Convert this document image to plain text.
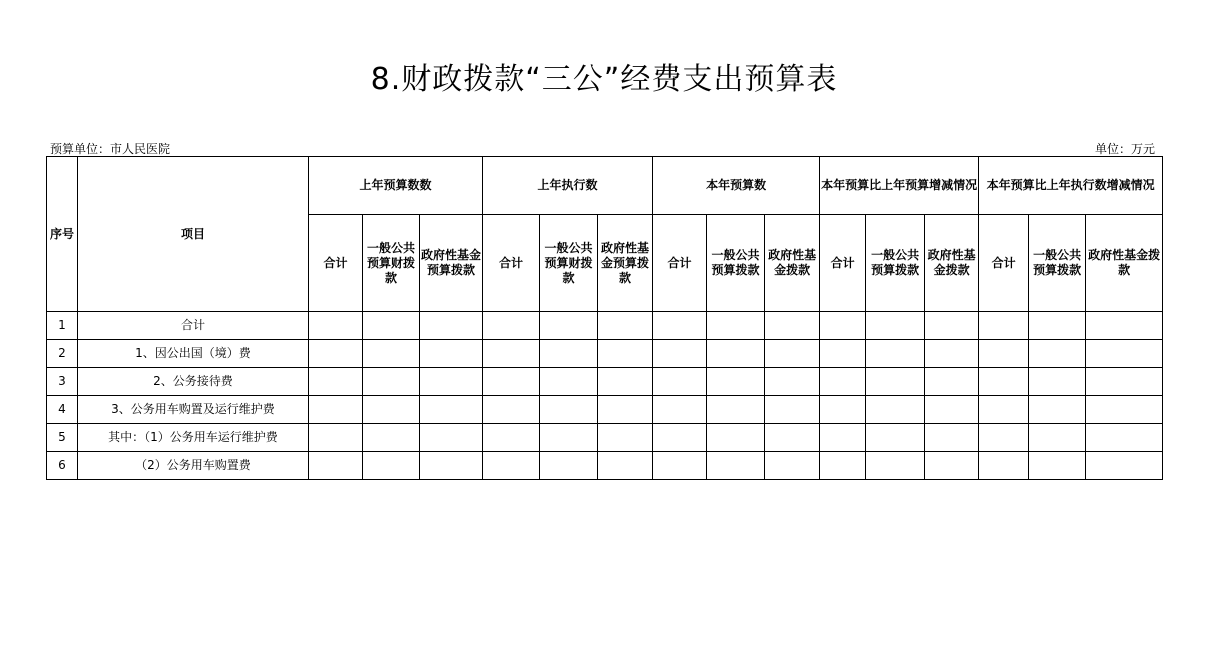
8.财政拨款“三公”经费支出预算表
预算单位：市人民医院	单位：万元
序号	项目	上年预算数数			上年执行数			本年预算数			本年预算比上年预算增减情况			本年预算比上年执行数增减情况		
		合计	一般公共预算财拨款	政府性基金预算拨款	合计	一般公共预算财拨款	政府性基金预算拨款	合计	一般公共预算拨款	政府性基金拨款	合计	一般公共预算拨款	政府性基金拨款	合计	一般公共预算拨款	政府性基金拨款
1	合计															
2	1、因公出国（境）费															
3	2、公务接待费															
4	3、公务用车购置及运行维护费															
5	其中：（1）公务用车运行维护费															
6	（2）公务用车购置费															
